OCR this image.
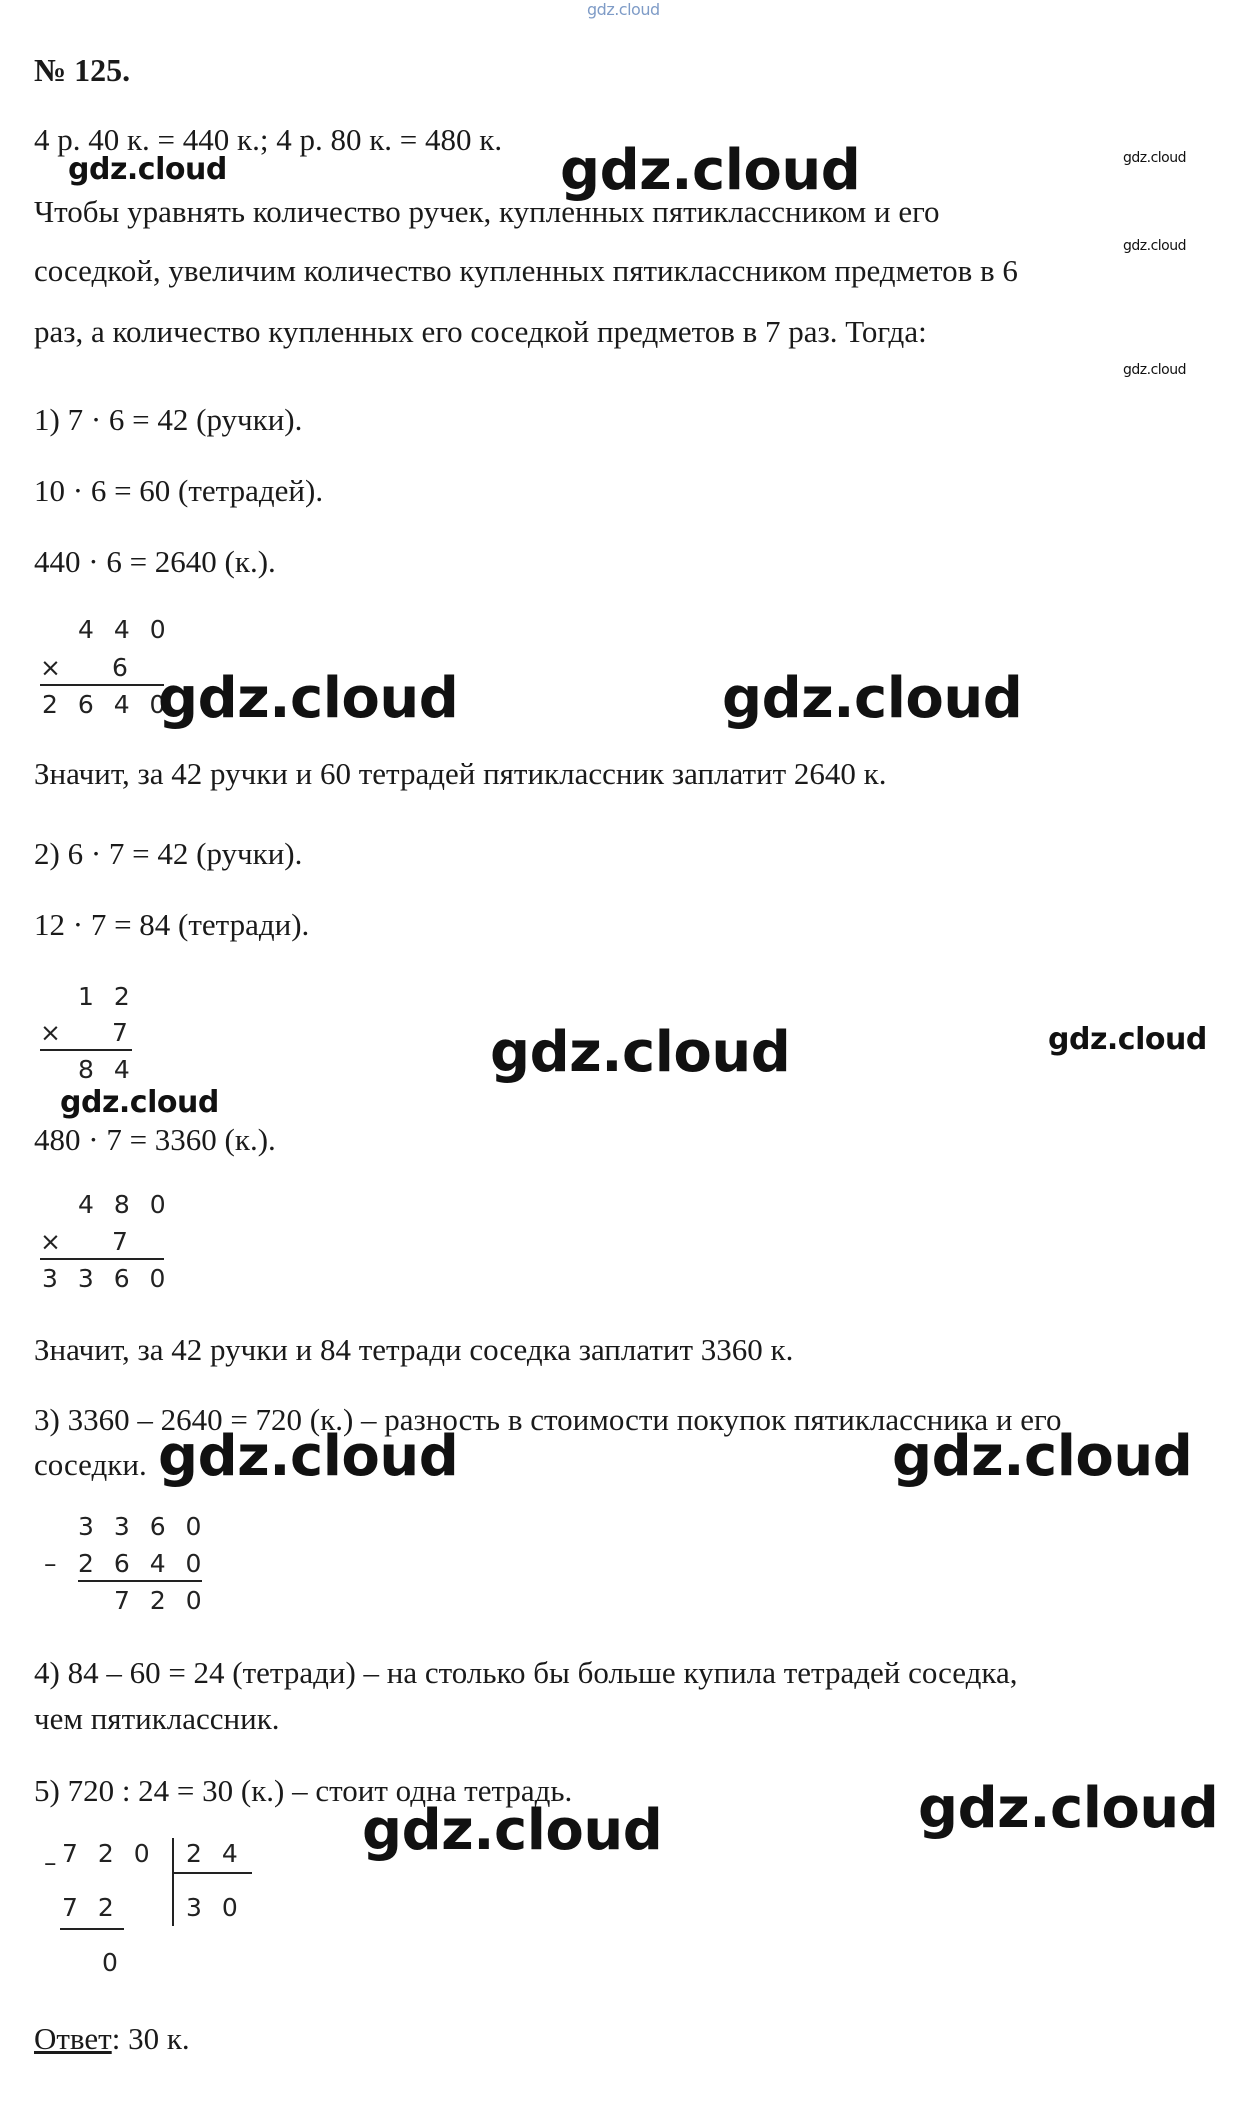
gdz.cloud
№ 125.
4 р. 40 к. = 440 к.; 4 р. 80 к. = 480 к.
Чтобы уравнять количество ручек, купленных пятиклассником и его
соседкой, увеличим количество купленных пятиклассником предметов в 6
раз, а количество купленных его соседкой предметов в 7 раз. Тогда:
gdz.cloud	gdz.cloud	gdz.cloud
gdz.cloud
gdz.cloud
1) 7 · 6 = 42 (ручки).
10 · 6 = 60 (тетрадей).
440 · 6 = 2640 (к.).
4 4 0
× 6
2 6 4 0
gdz.cloud	gdz.cloud
Значит, за 42 ручки и 60 тетрадей пятиклассник заплатит 2640 к.
2) 6 · 7 = 42 (ручки).
12 · 7 = 84 (тетради).
1 2
× 7
8 4	gdz.cloud	gdz.cloud
gdz.cloud
480 · 7 = 3360 (к.).
4 8 0
× 7
3 3 6 0
Значит, за 42 ручки и 84 тетради соседка заплатит 3360 к.
3) 3360 – 2640 = 720 (к.) – разность в стоимости покупок пятиклассника и его
соседки. gdz.cloud	gdz.cloud
3 3 6 0
– 2 6 4 0
7 2 0
4) 84 – 60 = 24 (тетради) – на столько бы больше купила тетрадей соседка,
чем пятиклассник.
5) 720 : 24 = 30 (к.) – стоит одна тетрадь.	gdz.cloud
gdz.cloud
– 7 2 0 2 4
7 2	3 0
0
Ответ: 30 к.
